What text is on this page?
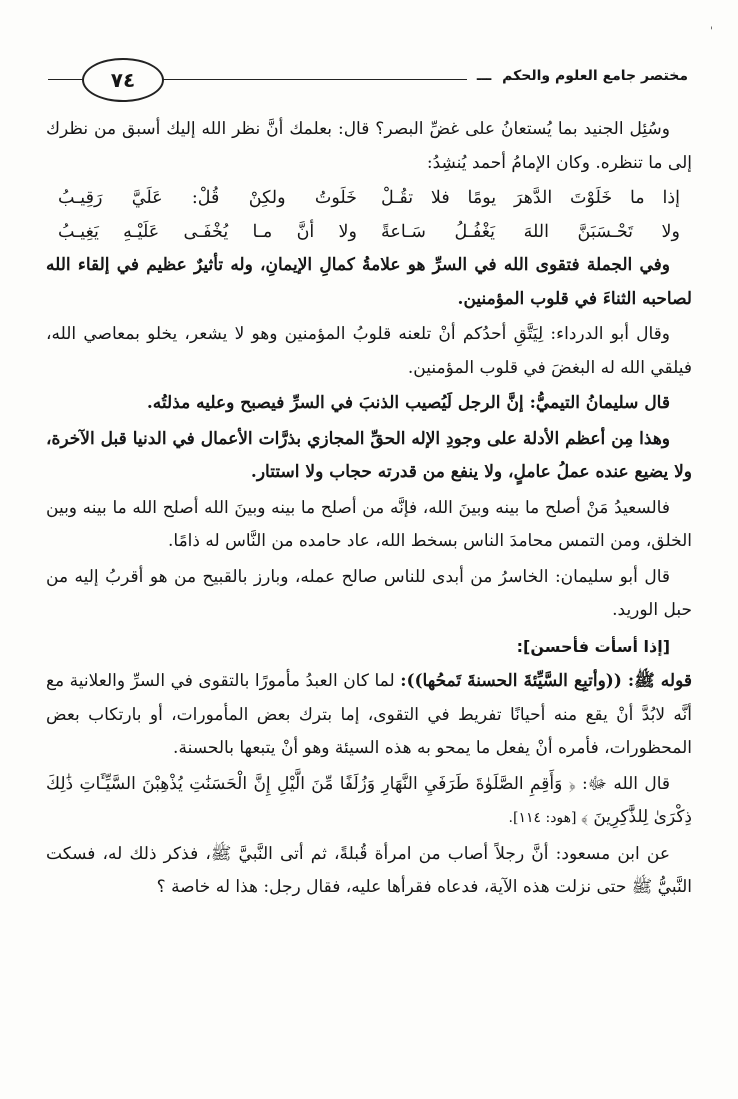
'
مختصر جامع العلوم والحكم ـــ
٧٤

وسُئِل الجنيد بما يُستعانُ على غضِّ البصر؟ قال: بعلمك أنَّ نظر الله إليك أسبق من نظرك إلى ما تنظره. وكان الإمامُ أحمد يُنشِدُ:

إذا ما خَلَوْتَ الدَّهرَ يومًا فلا تقُـلْ
خَلَوتُ ولكِنْ قُلْ: عَلَيَّ رَقِيـبُ
ولا تَحْـسَبَنَّ اللهَ يَغْفُـلُ سَـاعةً
ولا أنَّ مـا يُخْفَـى عَلَيْـهِ يَغِيـبُ

وفي الجملة فتقوى الله في السرِّ هو علامةُ كمالِ الإيمانِ، وله تأثيرٌ عظيم في إلقاء الله لصاحبه الثناءَ في قلوب المؤمنين.

وقال أبو الدرداء: لِيَتَّقِ أحدُكم أنْ تلعنه قلوبُ المؤمنين وهو لا يشعر، يخلو بمعاصي الله، فيلقي الله له البغضَ في قلوب المؤمنين.

قال سليمانُ التيميُّ: إنَّ الرجل لَيُصيب الذنبَ في السرِّ فيصبح وعليه مذلتُه.

وهذا مِن أعظم الأدلة على وجودِ الإله الحقِّ المجازي بذرَّات الأعمال في الدنيا قبل الآخرة، ولا يضيع عنده عملُ عاملٍ، ولا ينفع من قدرته حجاب ولا استتار.

فالسعيدُ مَنْ أصلح ما بينه وبينَ الله، فإنَّه من أصلح ما بينه وبينَ الله أصلح الله ما بينه وبين الخلق، ومن التمس محامدَ الناس بسخط الله، عاد حامده من النَّاس له ذامًا.

قال أبو سليمان: الخاسرُ من أبدى للناس صالح عمله، وبارز بالقبيح من هو أقربُ إليه من حبل الوريد.

[إذا أسأت فأحسن]:

قوله ﷺ: ((وأتبِع السَّيِّئةَ الحسنةَ تَمحُها)): لما كان العبدُ مأمورًا بالتقوى في السرِّ والعلانية مع أنَّه لابُدَّ أنْ يقع منه أحيانًا تفريط في التقوى، إما بترك بعض المأمورات، أو بارتكاب بعض المحظورات، فأمره أنْ يفعل ما يمحو به هذه السيئة وهو أنْ يتبعها بالحسنة.

قال الله ﷻ: ﴿ وَأَقِمِ الصَّلَوٰةَ طَرَفَيِ النَّهَارِ وَزُلَفًا مِّنَ الَّيْلِ إِنَّ الْحَسَنَٰتِ يُذْهِبْنَ السَّيِّـَٔاتِ ذَٰلِكَ ذِكْرَىٰ لِلذَّٰكِرِينَ ﴾ [هود: ١١٤].

عن ابن مسعود: أنَّ رجلاً أصاب من امرأة قُبلةً، ثم أتى النَّبيَّ ﷺ، فذكر ذلك له، فسكت النَّبيُّ ﷺ حتى نزلت هذه الآية، فدعاه فقرأها عليه، فقال رجل: هذا له خاصة ؟
